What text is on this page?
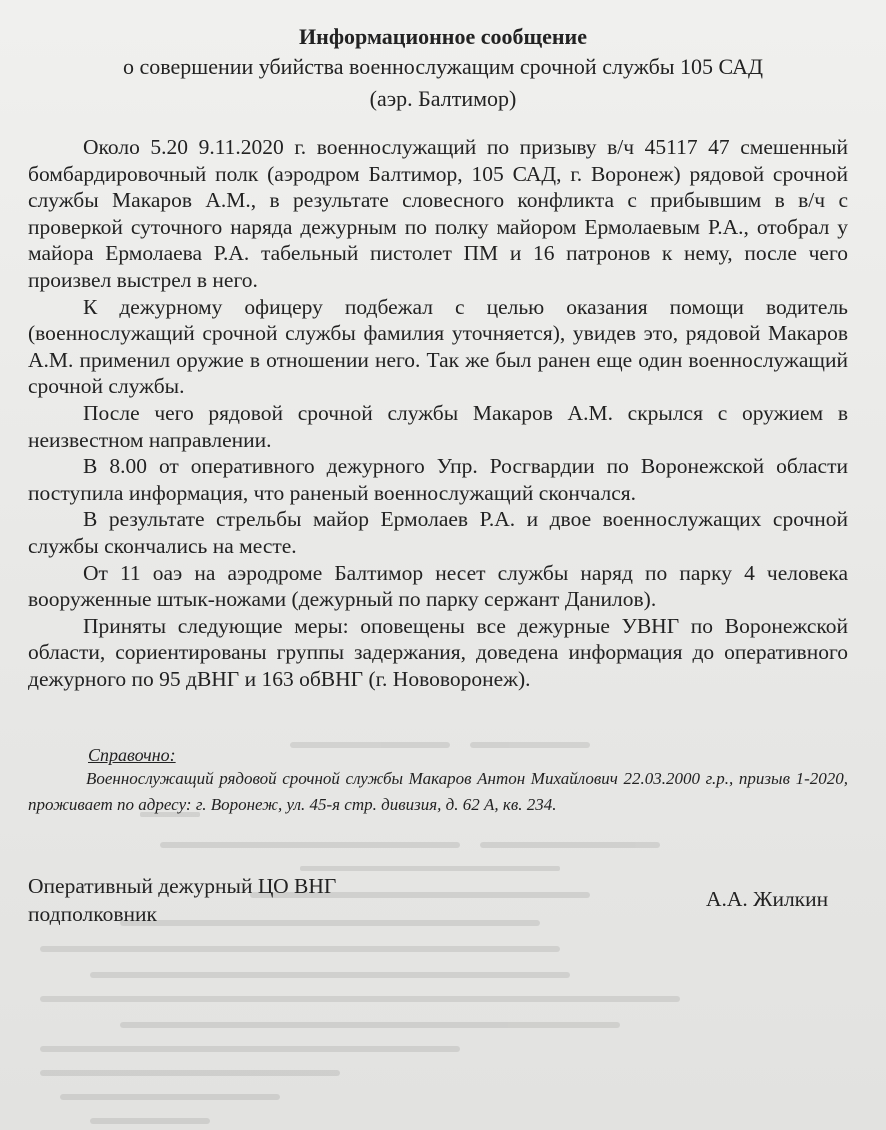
Информационное сообщение
о совершении убийства военнослужащим срочной службы 105 САД
(аэр. Балтимор)

Около 5.20 9.11.2020 г. военнослужащий по призыву в/ч 45117 47 смешенный бомбардировочный полк (аэродром Балтимор, 105 САД, г. Воронеж) рядовой срочной службы Макаров А.М., в результате словесного конфликта с прибывшим в в/ч с проверкой суточного наряда дежурным по полку майором Ермолаевым Р.А., отобрал у майора Ермолаева Р.А. табельный пистолет ПМ и 16 патронов к нему, после чего произвел выстрел в него.

К дежурному офицеру подбежал с целью оказания помощи водитель (военнослужащий срочной службы фамилия уточняется), увидев это, рядовой Макаров А.М. применил оружие в отношении него. Так же был ранен еще один военнослужащий срочной службы.

После чего рядовой срочной службы Макаров А.М. скрылся с оружием в неизвестном направлении.

В 8.00 от оперативного дежурного Упр. Росгвардии по Воронежской области поступила информация, что раненый военнослужащий скончался.

В результате стрельбы майор Ермолаев Р.А. и двое военнослужащих срочной службы скончались на месте.

От 11 оаэ на аэродроме Балтимор несет службы наряд по парку 4 человека вооруженные штык-ножами (дежурный по парку сержант Данилов).

Приняты следующие меры: оповещены все дежурные УВНГ по Воронежской области, сориентированы группы задержания, доведена информация до оперативного дежурного по 95 дВНГ и 163 обВНГ (г. Нововоронеж).

Справочно:
Военнослужащий рядовой срочной службы Макаров Антон Михайлович 22.03.2000 г.р., призыв 1-2020, проживает по адресу: г. Воронеж, ул. 45-я стр. дивизия, д. 62 А, кв. 234.
Оперативный дежурный ЦО ВНГ
подполковник
А.А. Жилкин
